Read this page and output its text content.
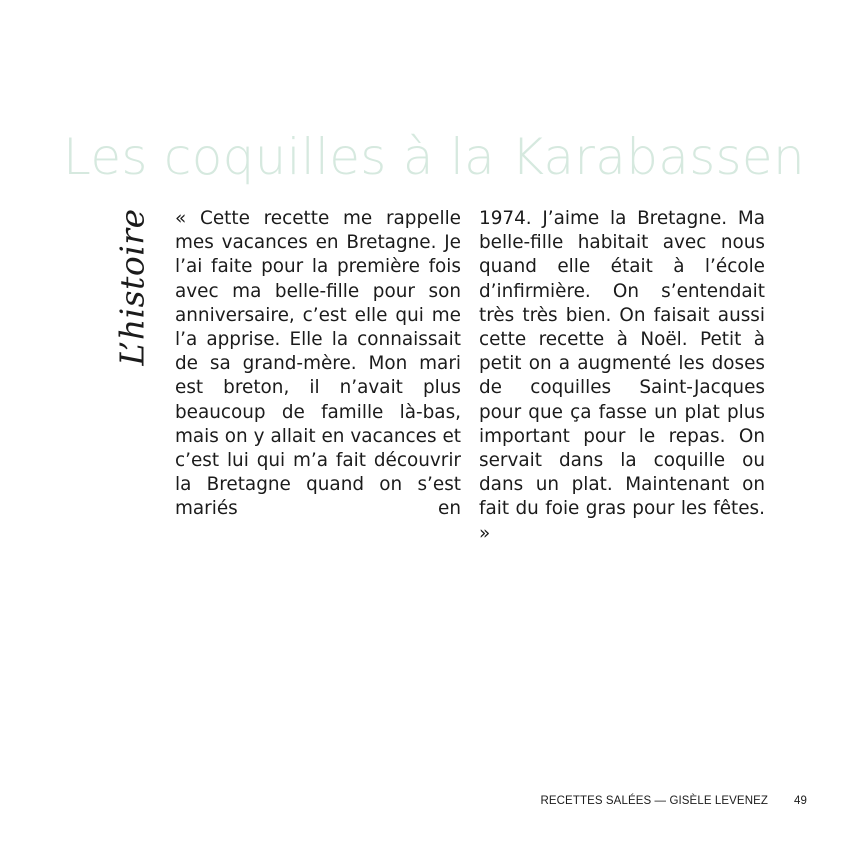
Les coquilles à la Karabassen
L’histoire « Cette recette me rappelle mes vacances en Bretagne. Je l’ai faite pour la première fois avec ma belle-fille pour son anniversaire, c’est elle qui me l’a apprise. Elle la connaissait de sa grand-mère. Mon mari est breton, il n’avait plus beaucoup de famille là-bas, mais on y allait en vacances et c’est lui qui m’a fait découvrir la Bretagne quand on s’est mariés en

1974. J’aime la Bretagne. Ma belle-fille habitait avec nous quand elle était à l’école d’infirmière. On s’entendait très très bien. On faisait aussi cette recette à Noël. Petit à petit on a augmenté les doses de coquilles Saint-Jacques pour que ça fasse un plat plus important pour le repas. On servait dans la coquille ou dans un plat. Maintenant on fait du foie gras pour les fêtes. »

RECETTES SALÉES — GISÈLE LEVENEZ 49
